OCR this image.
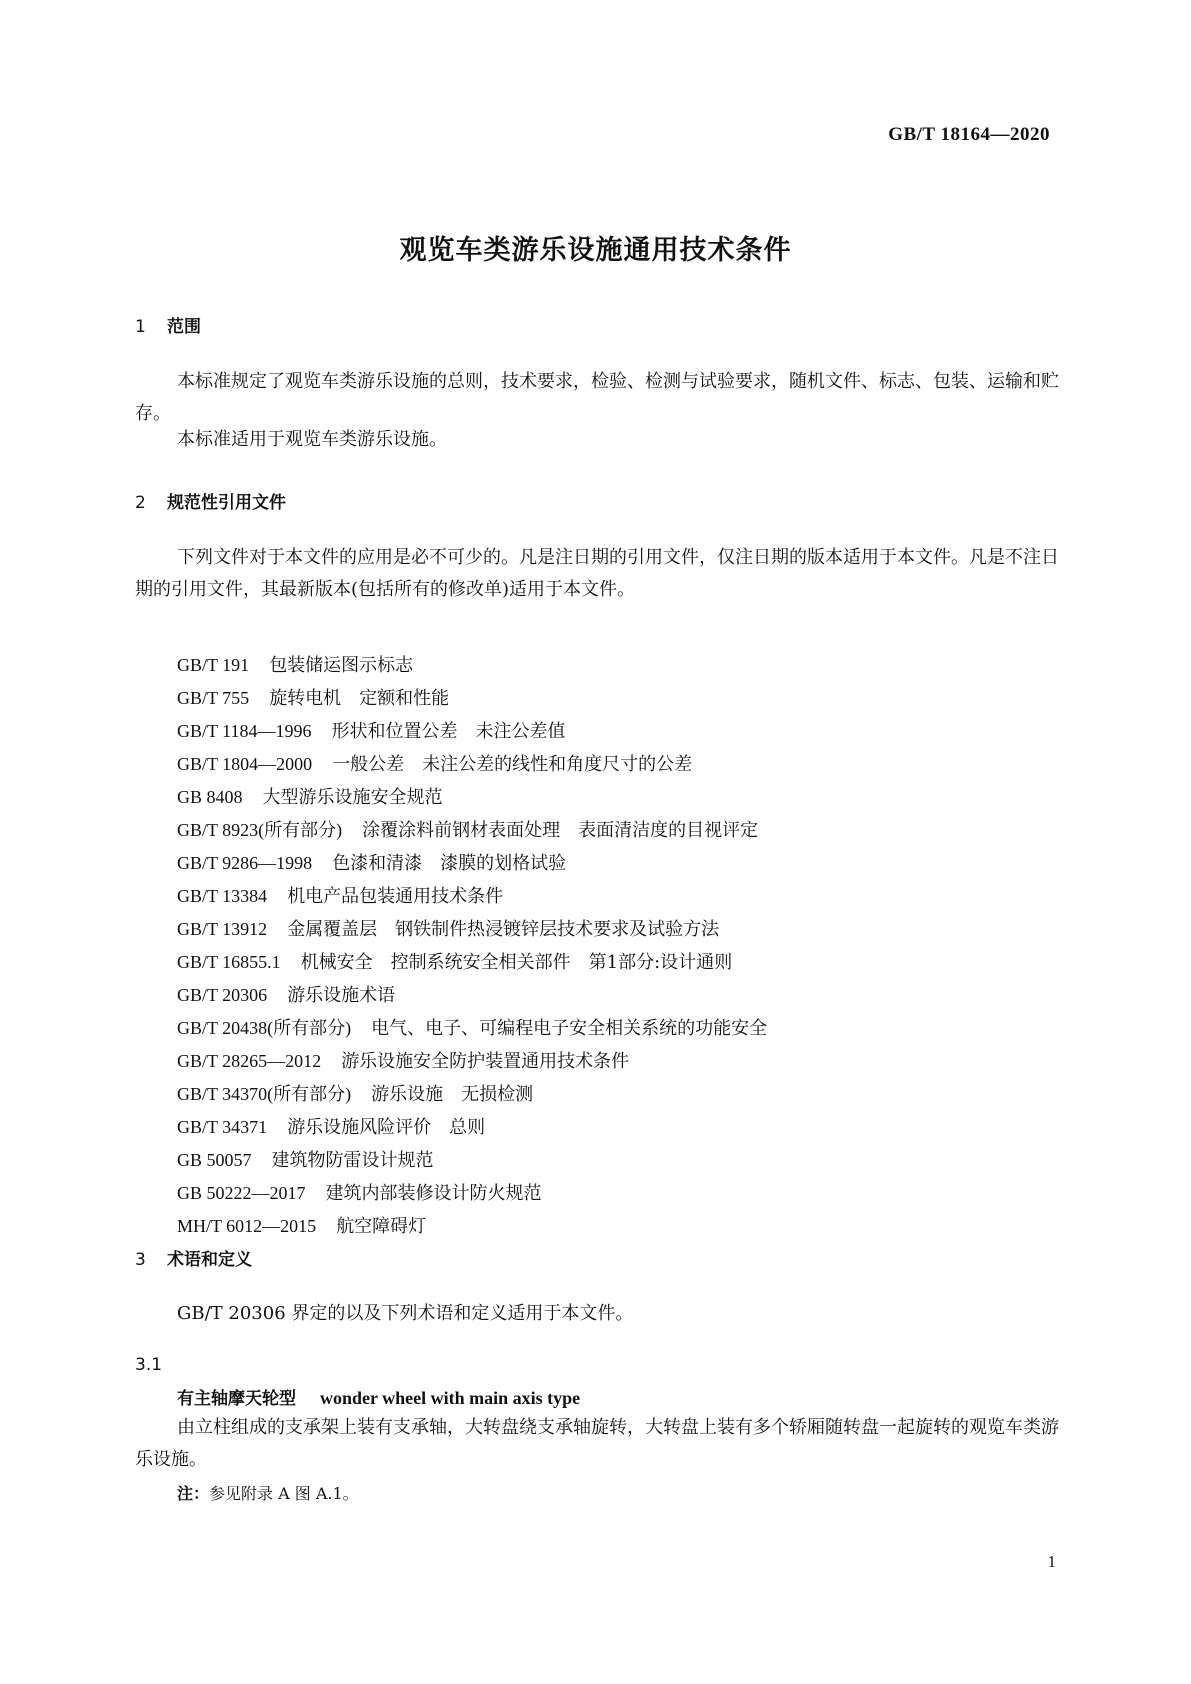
GB/T 18164—2020
观览车类游乐设施通用技术条件
1 范围
本标准规定了观览车类游乐设施的总则，技术要求，检验、检测与试验要求，随机文件、标志、包装、运输和贮存。
本标准适用于观览车类游乐设施。
2 规范性引用文件
下列文件对于本文件的应用是必不可少的。凡是注日期的引用文件，仅注日期的版本适用于本文件。凡是不注日期的引用文件，其最新版本(包括所有的修改单)适用于本文件。
GB/T 191 包装储运图示标志
GB/T 755 旋转电机　定额和性能
GB/T 1184—1996 形状和位置公差　未注公差值
GB/T 1804—2000 一般公差　未注公差的线性和角度尺寸的公差
GB 8408 大型游乐设施安全规范
GB/T 8923(所有部分) 涂覆涂料前钢材表面处理　表面清洁度的目视评定
GB/T 9286—1998 色漆和清漆　漆膜的划格试验
GB/T 13384 机电产品包装通用技术条件
GB/T 13912 金属覆盖层　钢铁制件热浸镀锌层技术要求及试验方法
GB/T 16855.1 机械安全　控制系统安全相关部件　第1部分:设计通则
GB/T 20306 游乐设施术语
GB/T 20438(所有部分) 电气、电子、可编程电子安全相关系统的功能安全
GB/T 28265—2012 游乐设施安全防护装置通用技术条件
GB/T 34370(所有部分) 游乐设施　无损检测
GB/T 34371 游乐设施风险评价　总则
GB 50057 建筑物防雷设计规范
GB 50222—2017 建筑内部装修设计防火规范
MH/T 6012—2015 航空障碍灯
3 术语和定义
GB/T 20306 界定的以及下列术语和定义适用于本文件。
3.1
有主轴摩天轮型 wonder wheel with main axis type
由立柱组成的支承架上装有支承轴，大转盘绕支承轴旋转，大转盘上装有多个轿厢随转盘一起旋转的观览车类游乐设施。
注：参见附录 A 图 A.1。
1
